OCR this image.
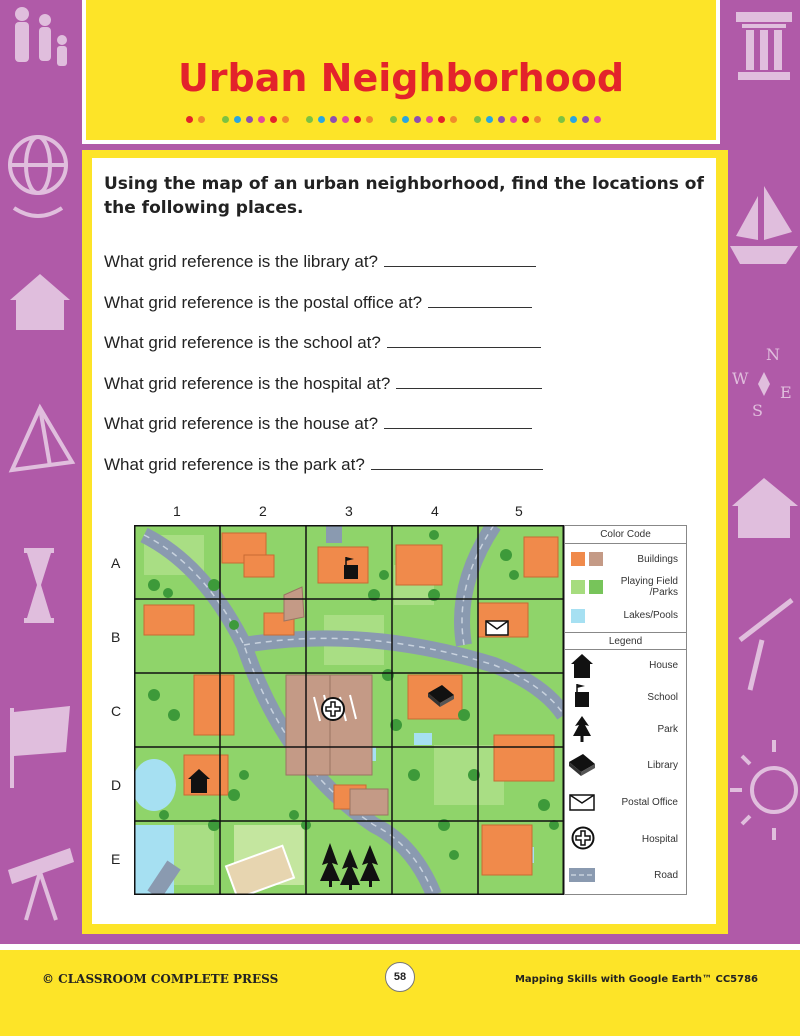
N
W
E
S
Urban Neighborhood
Using the map of an urban neighborhood, find the locations of the following places.
What grid reference is the library at?
What grid reference is the postal office at?
What grid reference is the school at?
What grid reference is the hospital at?
What grid reference is the house at?
What grid reference is the park at?
1	2	3	4	5
A
B
C
D
E
Color Code
Buildings
Playing Field
/Parks
Lakes/Pools
Legend
House
School
Park
Library
Postal Office
Hospital
Road
© CLASSROOM COMPLETE PRESS	58	Mapping Skills with Google Earth™ CC5786
